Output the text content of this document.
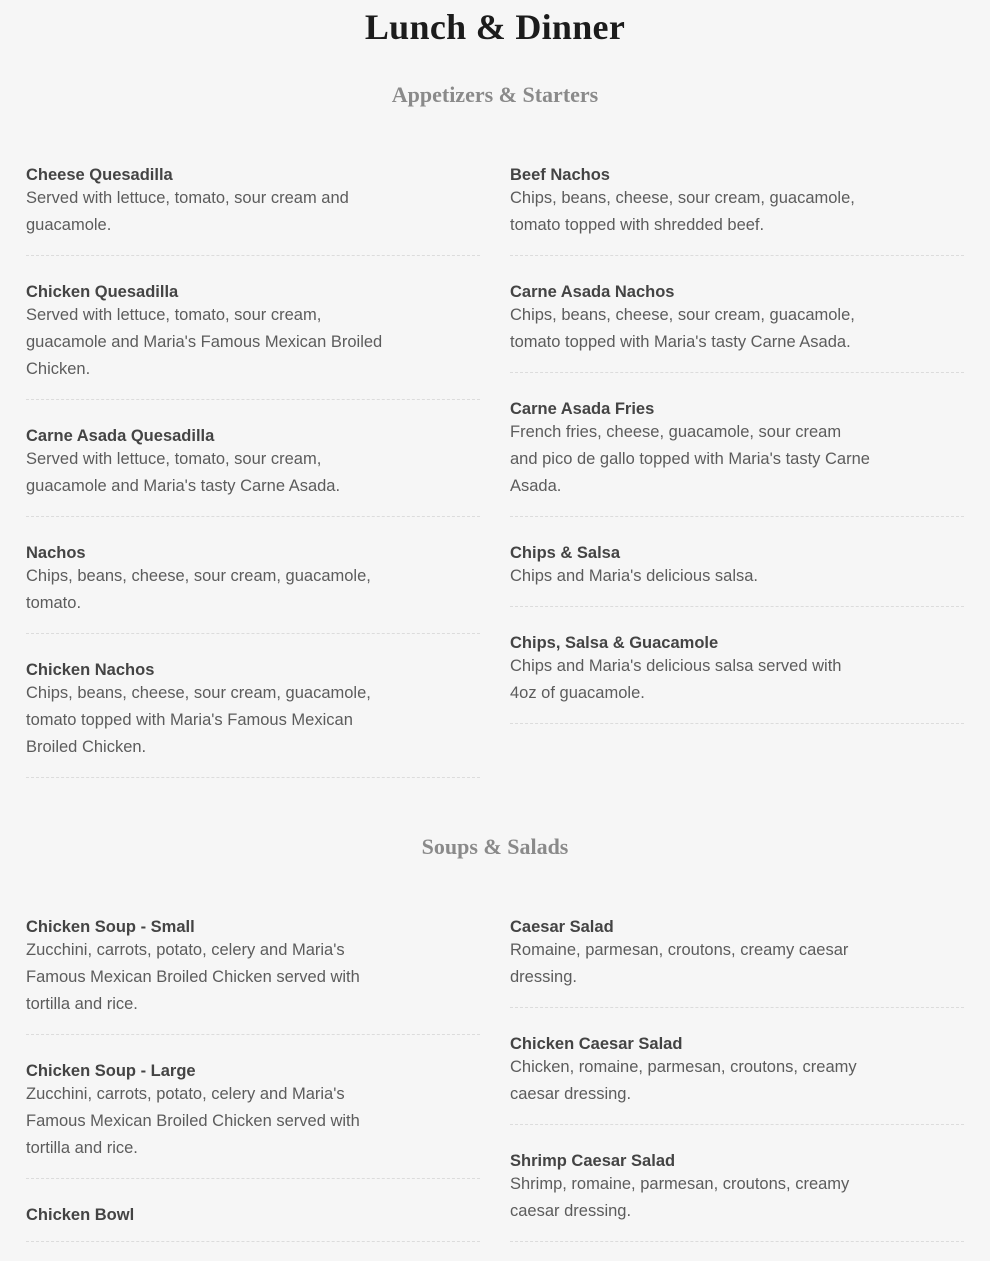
Lunch & Dinner
Appetizers & Starters
Cheese Quesadilla
Served with lettuce, tomato, sour cream and guacamole.
Chicken Quesadilla
Served with lettuce, tomato, sour cream, guacamole and Maria's Famous Mexican Broiled Chicken.
Carne Asada Quesadilla
Served with lettuce, tomato, sour cream, guacamole and Maria's tasty Carne Asada.
Nachos
Chips, beans, cheese, sour cream, guacamole, tomato.
Chicken Nachos
Chips, beans, cheese, sour cream, guacamole, tomato topped with Maria's Famous Mexican Broiled Chicken.
Beef Nachos
Chips, beans, cheese, sour cream, guacamole, tomato topped with shredded beef.
Carne Asada Nachos
Chips, beans, cheese, sour cream, guacamole, tomato topped with Maria's tasty Carne Asada.
Carne Asada Fries
French fries, cheese, guacamole, sour cream and pico de gallo topped with Maria's tasty Carne Asada.
Chips & Salsa
Chips and Maria's delicious salsa.
Chips, Salsa & Guacamole
Chips and Maria's delicious salsa served with 4oz of guacamole.
Soups & Salads
Chicken Soup - Small
Zucchini, carrots, potato, celery and Maria's Famous Mexican Broiled Chicken served with tortilla and rice.
Chicken Soup - Large
Zucchini, carrots, potato, celery and Maria's Famous Mexican Broiled Chicken served with tortilla and rice.
Chicken Bowl
Caesar Salad
Romaine, parmesan, croutons, creamy caesar dressing.
Chicken Caesar Salad
Chicken, romaine, parmesan, croutons, creamy caesar dressing.
Shrimp Caesar Salad
Shrimp, romaine, parmesan, croutons, creamy caesar dressing.
